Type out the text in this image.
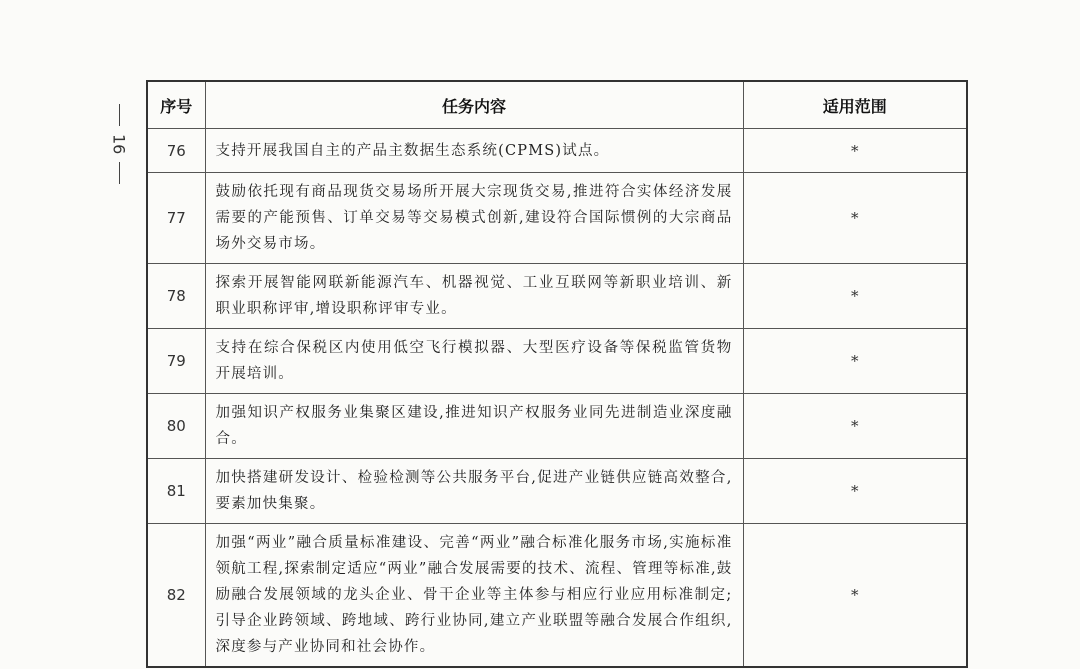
16
序号	任务内容	适用范围
76	支持开展我国自主的产品主数据生态系统(CPMS)试点。	*
77	鼓励依托现有商品现货交易场所开展大宗现货交易,推进符合实体经济发展需要的产能预售、订单交易等交易模式创新,建设符合国际惯例的大宗商品场外交易市场。	*
78	探索开展智能网联新能源汽车、机器视觉、工业互联网等新职业培训、新职业职称评审,增设职称评审专业。	*
79	支持在综合保税区内使用低空飞行模拟器、大型医疗设备等保税监管货物开展培训。	*
80	加强知识产权服务业集聚区建设,推进知识产权服务业同先进制造业深度融合。	*
81	加快搭建研发设计、检验检测等公共服务平台,促进产业链供应链高效整合,要素加快集聚。	*
82	加强“两业”融合质量标准建设、完善“两业”融合标准化服务市场,实施标准领航工程,探索制定适应“两业”融合发展需要的技术、流程、管理等标准,鼓励融合发展领域的龙头企业、骨干企业等主体参与相应行业应用标准制定;引导企业跨领域、跨地域、跨行业协同,建立产业联盟等融合发展合作组织,深度参与产业协同和社会协作。	*
